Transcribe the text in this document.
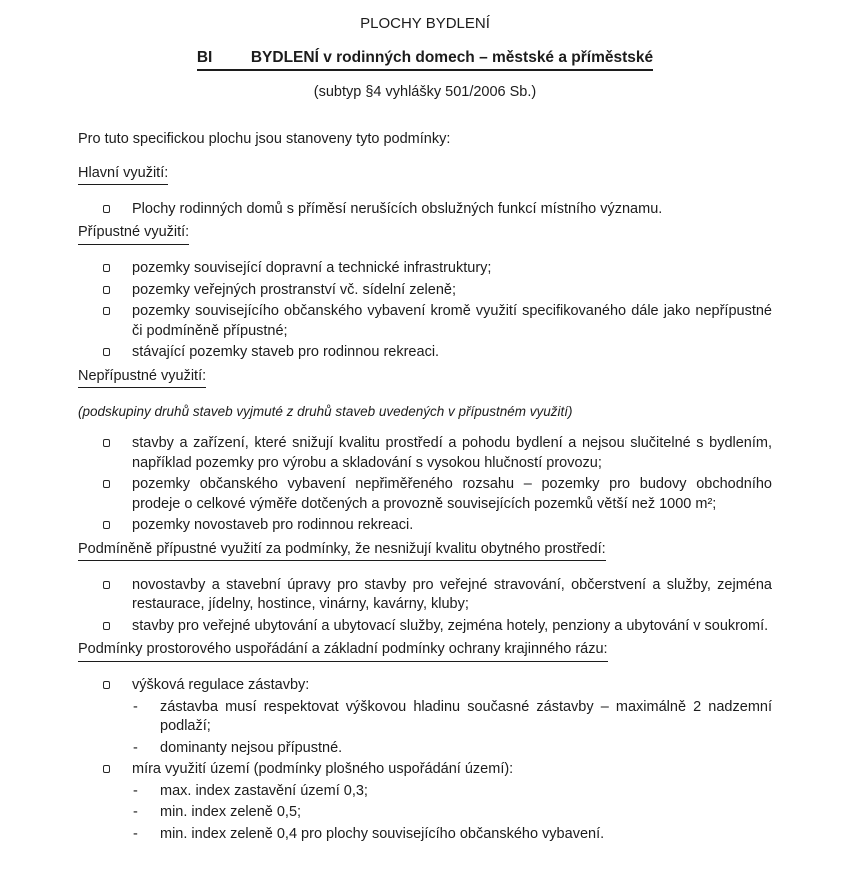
PLOCHY BYDLENÍ

BI BYDLENÍ v rodinných domech – městské a příměstské

(subtyp §4 vyhlášky 501/2006 Sb.)

Pro tuto specifickou plochu jsou stanoveny tyto podmínky:

Hlavní využití:

Plochy rodinných domů s příměsí nerušících obslužných funkcí místního významu.

Přípustné využití:

pozemky související dopravní a technické infrastruktury;

pozemky veřejných prostranství vč. sídelní zeleně;

pozemky souvisejícího občanského vybavení kromě využití specifikovaného dále jako nepřípustné či podmíněně přípustné;

stávající pozemky staveb pro rodinnou rekreaci.

Nepřípustné využití:

(podskupiny druhů staveb vyjmuté z druhů staveb uvedených v přípustném využití)

stavby a zařízení, které snižují kvalitu prostředí a pohodu bydlení a nejsou slučitelné s bydlením, například pozemky pro výrobu a skladování s vysokou hlučností provozu;

pozemky občanského vybavení nepřiměřeného rozsahu – pozemky pro budovy obchodního prodeje o celkové výměře dotčených a provozně souvisejících pozemků větší než 1000 m²;

pozemky novostaveb pro rodinnou rekreaci.

Podmíněně přípustné využití za podmínky, že nesnižují kvalitu obytného prostředí:

novostavby a stavební úpravy pro stavby pro veřejné stravování, občerstvení a služby, zejména restaurace, jídelny, hostince, vinárny, kavárny, kluby;

stavby pro veřejné ubytování a ubytovací služby, zejména hotely, penziony a ubytování v soukromí.

Podmínky prostorového uspořádání a základní podmínky ochrany krajinného rázu:

výšková regulace zástavby:

- zástavba musí respektovat výškovou hladinu současné zástavby – maximálně 2 nadzemní podlaží;

- dominanty nejsou přípustné.

míra využití území (podmínky plošného uspořádání území):

- max. index zastavění území 0,3;

- min. index zeleně 0,5;

- min. index zeleně 0,4 pro plochy souvisejícího občanského vybavení.
